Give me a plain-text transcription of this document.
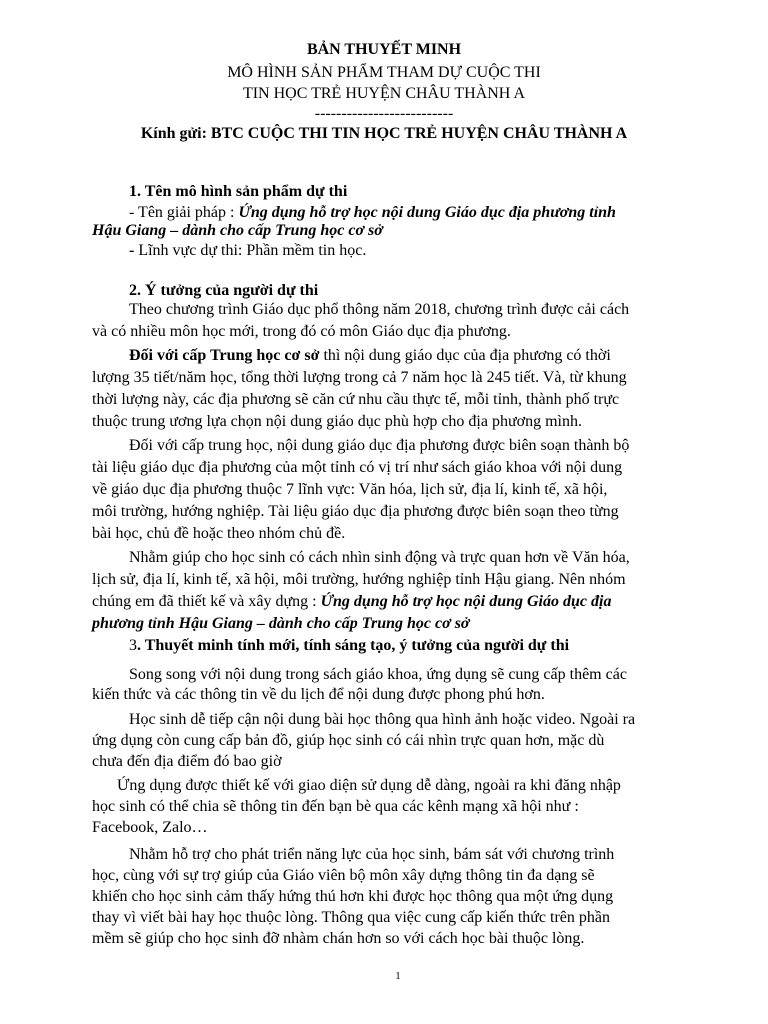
BẢN THUYẾT MINH

MÔ HÌNH SẢN PHẨM THAM DỰ CUỘC THI

TIN HỌC TRẺ HUYỆN CHÂU THÀNH A

--------------------------

Kính gửi: BTC CUỘC THI TIN HỌC TRẺ HUYỆN CHÂU THÀNH A

1. Tên mô hình sản phẩm dự thi

- Tên giải pháp : Ứng dụng hỗ trợ học nội dung Giáo dục địa phương tỉnh

Hậu Giang – dành cho cấp Trung học cơ sở

- Lĩnh vực dự thi: Phần mềm tin học.

2. Ý tưởng của người dự thi

Theo chương trình Giáo dục phổ thông năm 2018, chương trình được cải cách

và có nhiều môn học mới, trong đó có môn Giáo dục địa phương.

Đối với cấp Trung học cơ sở thì nội dung giáo dục của địa phương có thời

lượng 35 tiết/năm học, tổng thời lượng trong cả 7 năm học là 245 tiết. Và, từ khung

thời lượng này, các địa phương sẽ căn cứ nhu cầu thực tế, mỗi tỉnh, thành phố trực

thuộc trung ương lựa chọn nội dung giáo dục phù hợp cho địa phương mình.

Đối với cấp trung học, nội dung giáo dục địa phương được biên soạn thành bộ

tài liệu giáo dục địa phương của một tỉnh có vị trí như sách giáo khoa với nội dung

về giáo dục địa phương thuộc 7 lĩnh vực: Văn hóa, lịch sử, địa lí, kinh tế, xã hội,

môi trường, hướng nghiệp. Tài liệu giáo dục địa phương được biên soạn theo từng

bài học, chủ đề hoặc theo nhóm chủ đề.

Nhằm giúp cho học sinh có cách nhìn sinh động và trực quan hơn về Văn hóa,

lịch sử, địa lí, kinh tế, xã hội, môi trường, hướng nghiệp tỉnh Hậu giang. Nên nhóm

chúng em đã thiết kế và xây dựng : Ứng dụng hỗ trợ học nội dung Giáo dục địa

phương tỉnh Hậu Giang – dành cho cấp Trung học cơ sở

3. Thuyết minh tính mới, tính sáng tạo, ý tưởng của người dự thi

Song song với nội dung trong sách giáo khoa, ứng dụng sẽ cung cấp thêm các

kiến thức và các thông tin về du lịch để nội dung được phong phú hơn.

Học sinh dễ tiếp cận nội dung bài học thông qua hình ảnh hoặc video. Ngoài ra

ứng dụng còn cung cấp bản đồ, giúp học sinh có cái nhìn trực quan hơn, mặc dù

chưa đến địa điểm đó bao giờ

Ứng dụng được thiết kế với giao diện sử dụng dễ dàng, ngoài ra khi đăng nhập

học sinh có thể chia sẽ thông tin đến bạn bè qua các kênh mạng xã hội như :

Facebook, Zalo…

Nhằm hỗ trợ cho phát triển năng lực của học sinh, bám sát với chương trình

học, cùng với sự trợ giúp của Giáo viên bộ môn xây dựng thông tin đa dạng sẽ

khiến cho học sinh cảm thấy hứng thú hơn khi được học thông qua một ứng dụng

thay vì viết bài hay học thuộc lòng. Thông qua việc cung cấp kiến thức trên phần

mềm sẽ giúp cho học sinh đỡ nhàm chán hơn so với cách học bài thuộc lòng.

1
